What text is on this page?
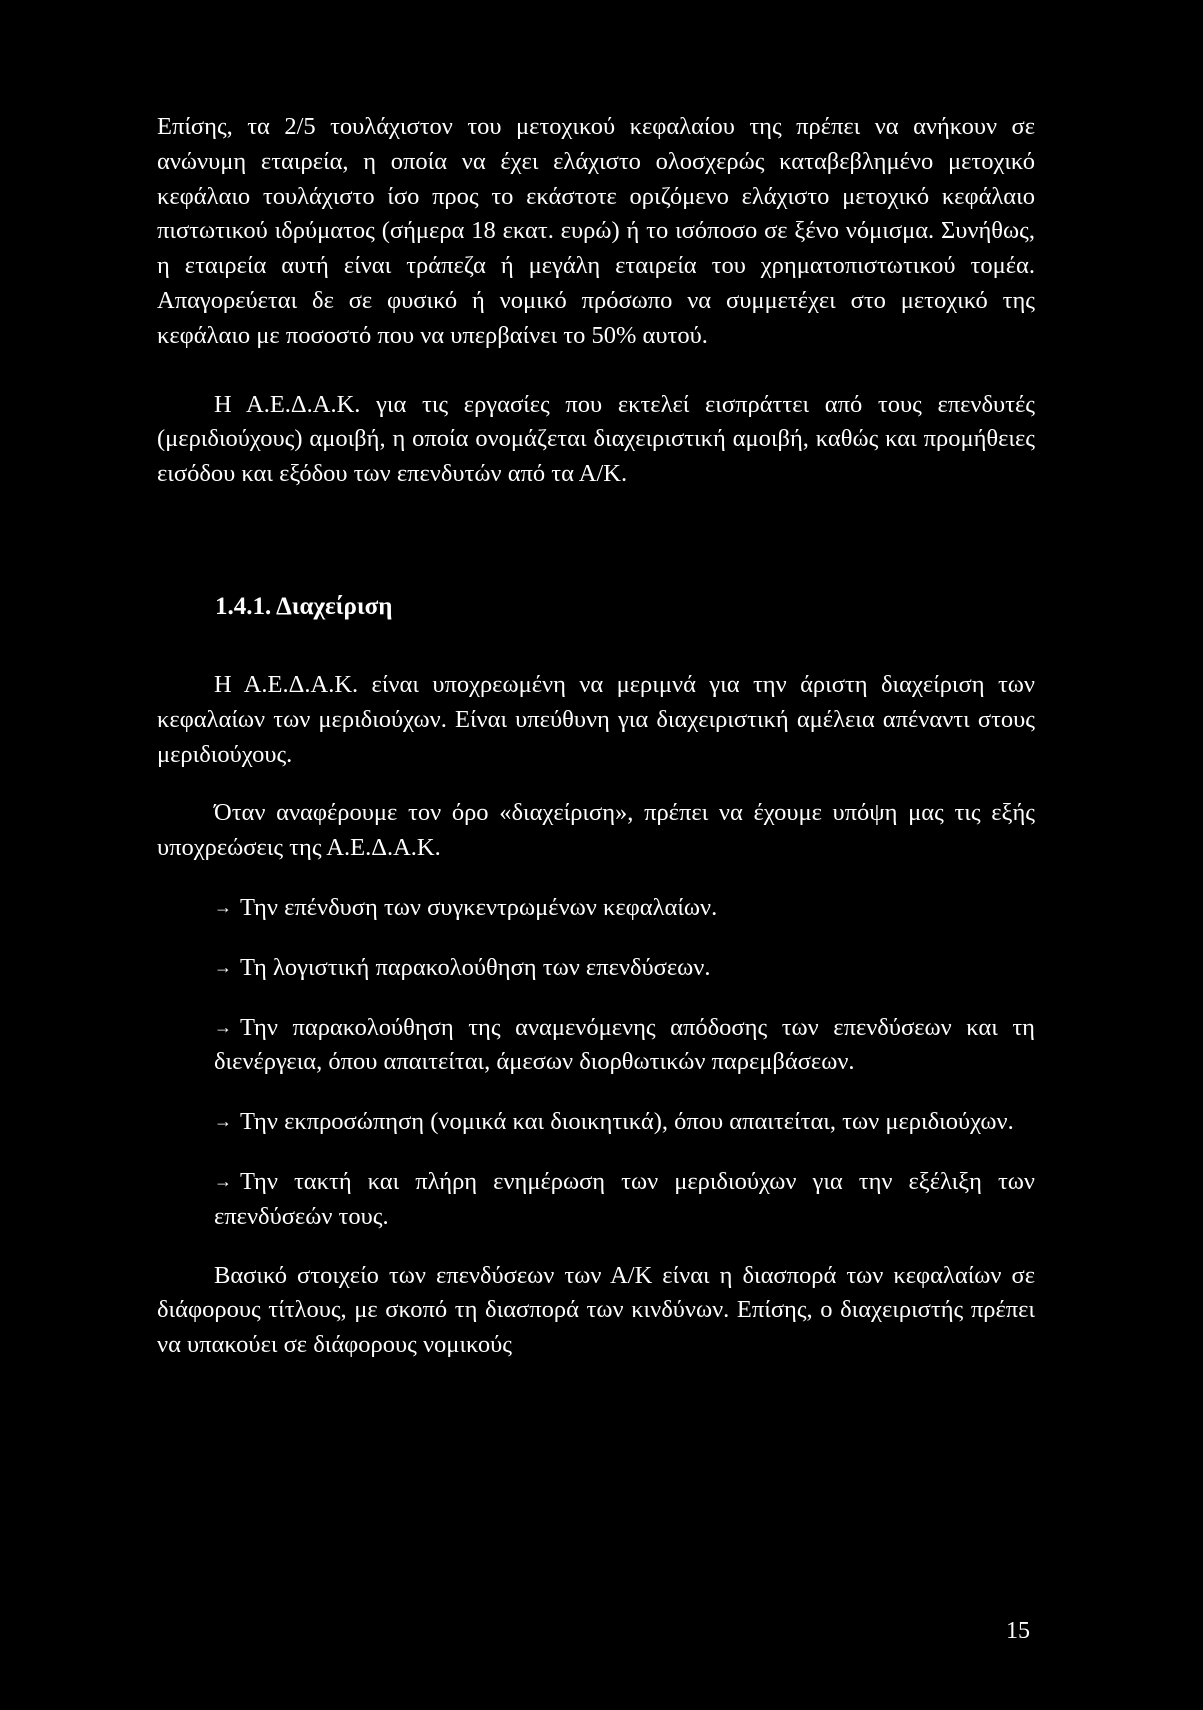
Επίσης, τα 2/5 τουλάχιστον του μετοχικού κεφαλαίου της πρέπει να ανήκουν σε ανώνυμη εταιρεία, η οποία να έχει ελάχιστο ολοσχερώς καταβεβλημένο μετοχικό κεφάλαιο τουλάχιστο ίσο προς το εκάστοτε οριζόμενο ελάχιστο μετοχικό κεφάλαιο πιστωτικού ιδρύματος (σήμερα 18 εκατ. ευρώ) ή το ισόποσο σε ξένο νόμισμα. Συνήθως, η εταιρεία αυτή είναι τράπεζα ή μεγάλη εταιρεία του χρηματοπιστωτικού τομέα. Απαγορεύεται δε σε φυσικό ή νομικό πρόσωπο να συμμετέχει στο μετοχικό της κεφάλαιο με ποσοστό που να υπερβαίνει το 50% αυτού.

Η Α.Ε.Δ.Α.Κ. για τις εργασίες που εκτελεί εισπράττει από τους επενδυτές (μεριδιούχους) αμοιβή, η οποία ονομάζεται διαχειριστική αμοιβή, καθώς και προμήθειες εισόδου και εξόδου των επενδυτών από τα Α/Κ.

1.4.1. Διαχείριση

Η Α.Ε.Δ.Α.Κ. είναι υποχρεωμένη να μεριμνά για την άριστη διαχείριση των κεφαλαίων των μεριδιούχων. Είναι υπεύθυνη για διαχειριστική αμέλεια απέναντι στους μεριδιούχους.

Όταν αναφέρουμε τον όρο «διαχείριση», πρέπει να έχουμε υπόψη μας τις εξής υποχρεώσεις της Α.Ε.Δ.Α.Κ.

→ Την επένδυση των συγκεντρωμένων κεφαλαίων.

→ Τη λογιστική παρακολούθηση των επενδύσεων.

→ Την παρακολούθηση της αναμενόμενης απόδοσης των επενδύσεων και τη διενέργεια, όπου απαιτείται, άμεσων διορθωτικών παρεμβάσεων.

→ Την εκπροσώπηση (νομικά και διοικητικά), όπου απαιτείται, των μεριδιούχων.

→ Την τακτή και πλήρη ενημέρωση των μεριδιούχων για την εξέλιξη των επενδύσεών τους.

Βασικό στοιχείο των επενδύσεων των Α/Κ είναι η διασπορά των κεφαλαίων σε διάφορους τίτλους, με σκοπό τη διασπορά των κινδύνων. Επίσης, ο διαχειριστής πρέπει να υπακούει σε διάφορους νομικούς

15
